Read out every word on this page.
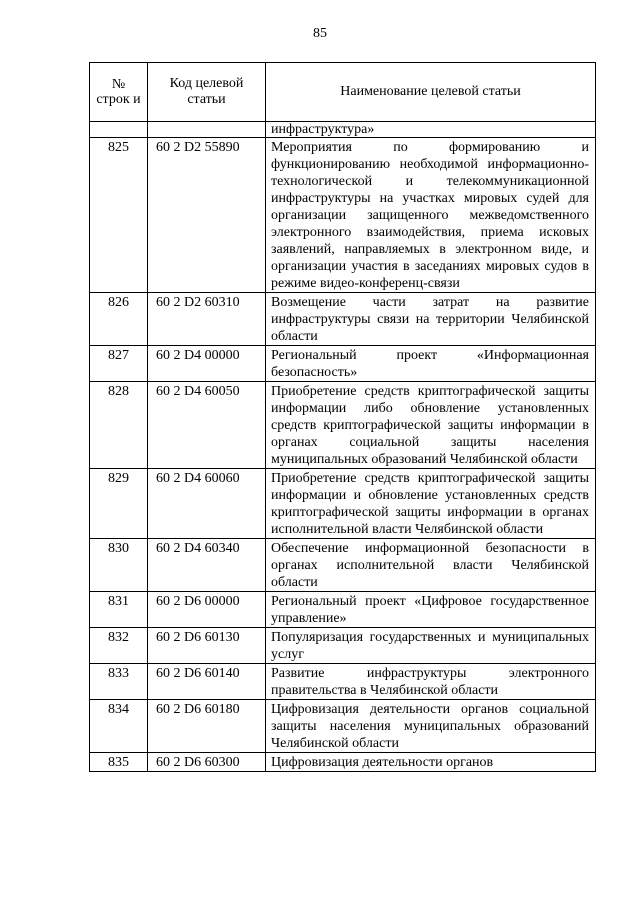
85
№ строк и	Код целевой статьи	Наименование целевой статьи
		инфраструктура»
825	60 2 D2 55890	Мероприятия по формированию и функционированию необходимой информационно-технологической и телекоммуникационной инфраструктуры на участках мировых судей для организации защищенного межведомственного электронного взаимодействия, приема исковых заявлений, направляемых в электронном виде, и организации участия в заседаниях мировых судов в режиме видео-конференц-связи
826	60 2 D2 60310	Возмещение части затрат на развитие инфраструктуры связи на территории Челябинской области
827	60 2 D4 00000	Региональный проект «Информационная безопасность»
828	60 2 D4 60050	Приобретение средств криптографической защиты информации либо обновление установленных средств криптографической защиты информации в органах социальной защиты населения муниципальных образований Челябинской области
829	60 2 D4 60060	Приобретение средств криптографической защиты информации и обновление установленных средств криптографической защиты информации в органах исполнительной власти Челябинской области
830	60 2 D4 60340	Обеспечение информационной безопасности в органах исполнительной власти Челябинской области
831	60 2 D6 00000	Региональный проект «Цифровое государственное управление»
832	60 2 D6 60130	Популяризация государственных и муниципальных услуг
833	60 2 D6 60140	Развитие инфраструктуры электронного правительства в Челябинской области
834	60 2 D6 60180	Цифровизация деятельности органов социальной защиты населения муниципальных образований Челябинской области
835	60 2 D6 60300	Цифровизация деятельности органов
